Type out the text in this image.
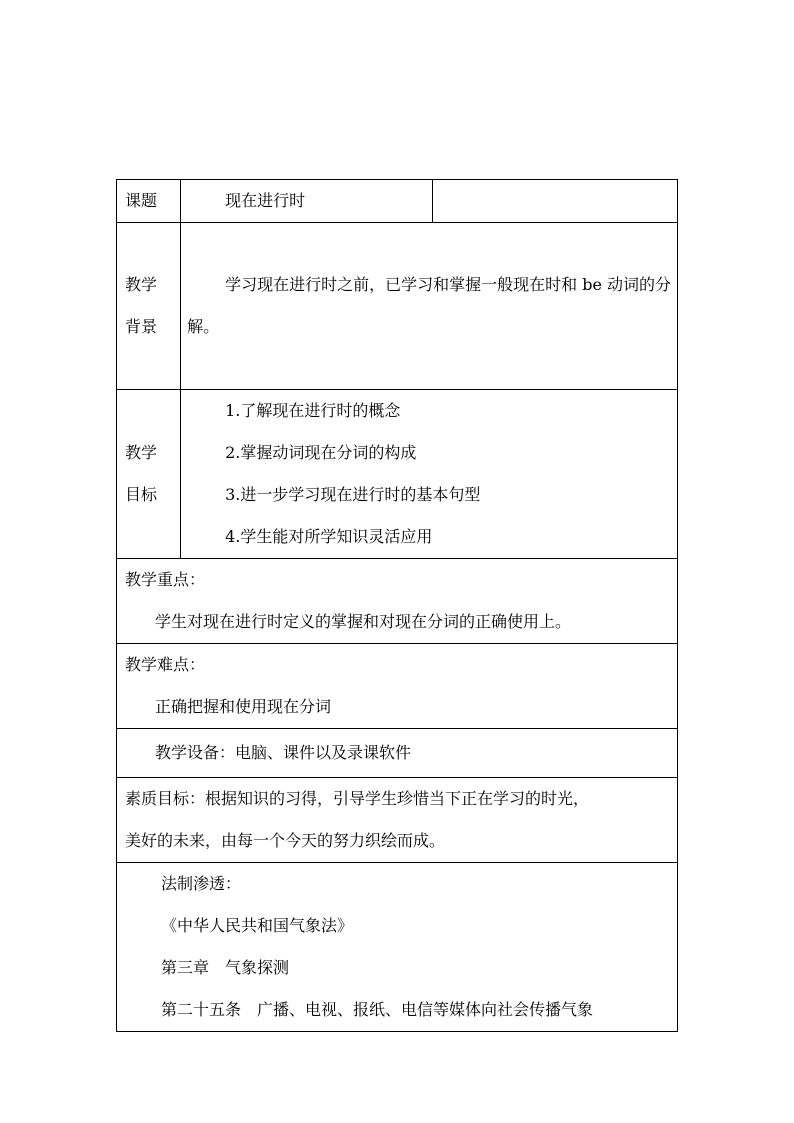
课题	现在进行时	

教学
背景	学习现在进行时之前，已学习和掌握一般现在时和 be 动词的分解。	

教学
目标	1.了解现在进行时的概念
2.掌握动词现在分词的构成
3.进一步学习现在进行时的基本句型
4.学生能对所学知识灵活应用	

教学重点：
学生对现在进行时定义的掌握和对现在分词的正确使用上。		

教学难点：
正确把握和使用现在分词		

教学设备：电脑、课件以及录课软件		

素质目标：根据知识的习得，引导学生珍惜当下正在学习的时光，
美好的未来，由每一个今天的努力织绘而成。		

法制渗透：
《中华人民共和国气象法》
第三章　气象探测
第二十五条　广播、电视、报纸、电信等媒体向社会传播气象		
